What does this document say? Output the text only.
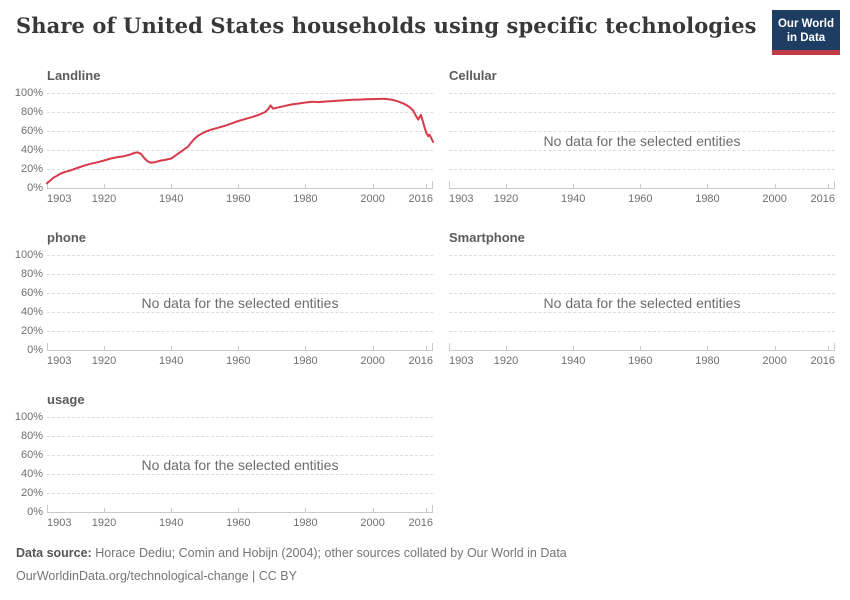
Share of United States households using specific technologies	Our World
in Data
Landline
0%
20%
40%
60%
80%
100%
1903 1920	1940	1960	1980	2000 2016
Cellular
No data for the selected entities
1903 1920	1940	1960	1980	2000 2016
phone
0%
20%
40%
60%
80%
100%
No data for the selected entities
1903 1920	1940	1960	1980	2000 2016
Smartphone
No data for the selected entities
1903 1920	1940	1960	1980	2000 2016
usage
0%
20%
40%
60%
80%
100%
No data for the selected entities
1903 1920	1940	1960	1980	2000 2016
Data source: Horace Dediu; Comin and Hobijn (2004); other sources collated by Our World in Data
OurWorldinData.org/technological-change | CC BY
